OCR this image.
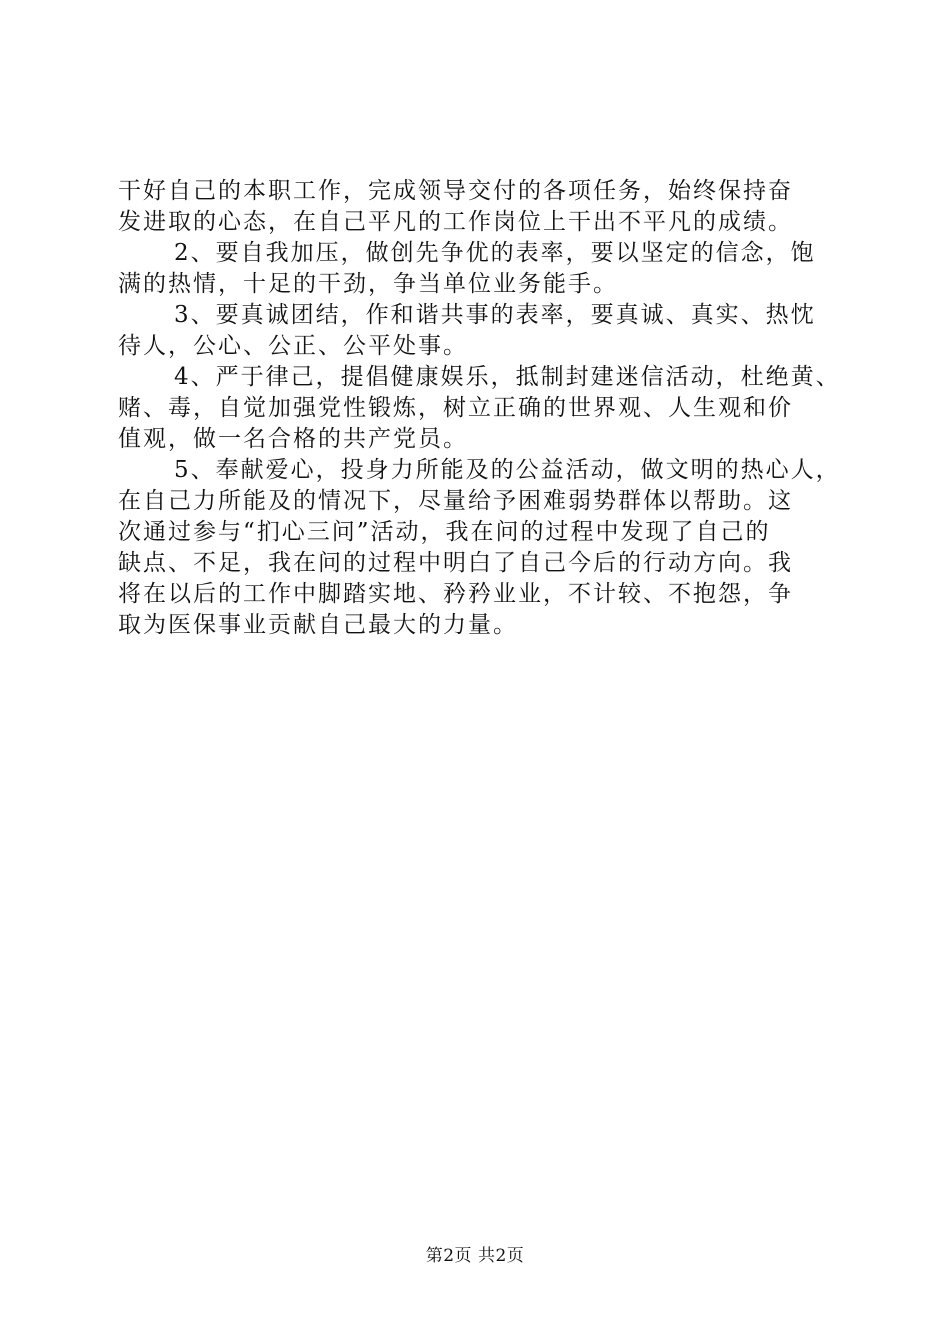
干好自己的本职工作，完成领导交付的各项任务，始终保持奋
发进取的心态，在自己平凡的工作岗位上干出不平凡的成绩。
2、要自我加压，做创先争优的表率，要以坚定的信念，饱
满的热情，十足的干劲，争当单位业务能手。
3、要真诚团结，作和谐共事的表率，要真诚、真实、热忱
待人，公心、公正、公平处事。
4、严于律己，提倡健康娱乐，抵制封建迷信活动，杜绝黄、
赌、毒，自觉加强党性锻炼，树立正确的世界观、人生观和价
值观，做一名合格的共产党员。
5、奉献爱心，投身力所能及的公益活动，做文明的热心人，
在自己力所能及的情况下，尽量给予困难弱势群体以帮助。这
次通过参与“扪心三问”活动，我在问的过程中发现了自己的
缺点、不足，我在问的过程中明白了自己今后的行动方向。我
将在以后的工作中脚踏实地、矜矜业业，不计较、不抱怨，争
取为医保事业贡献自己最大的力量。
第2页 共2页
